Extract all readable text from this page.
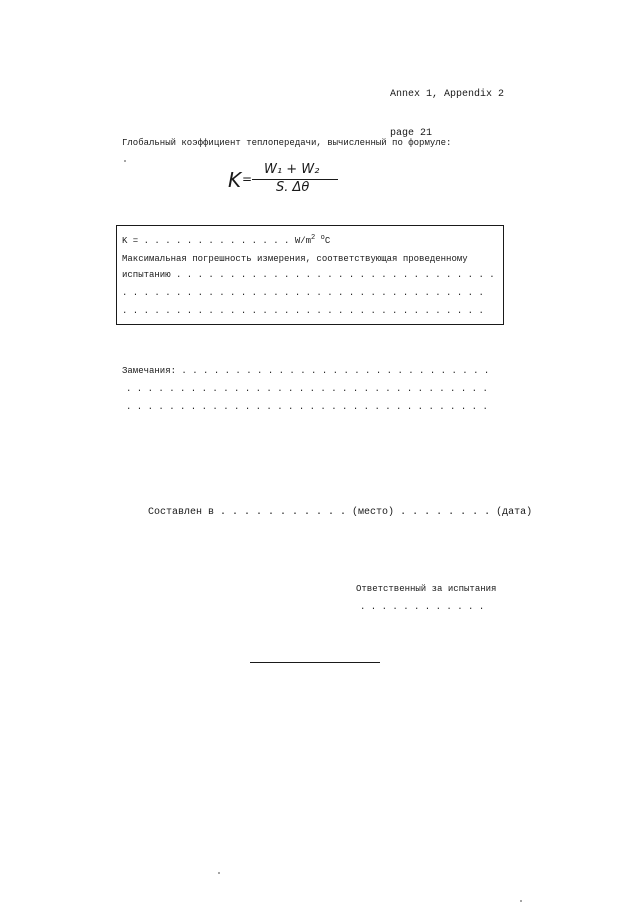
Annex 1, Appendix 2

page 21

Глобальный коэффициент теплопередачи, вычисленный по формуле:
K =
W₁ + W₂
S. Δθ
K = . . . . . . . . . . . . . . $W/m^2$ $^o$C
Максимальная погрешность измерения, соответствующая проведенному
испытанию . . . . . . . . . . . . . . . . . . . . . . . . . . . . . .
. . . . . . . . . . . . . . . . . . . . . . . . . . . . . . . . . .
. . . . . . . . . . . . . . . . . . . . . . . . . . . . . . . . . .
Замечания: . . . . . . . . . . . . . . . . . . . . . . . . . . . . .
. . . . . . . . . . . . . . . . . . . . . . . . . . . . . . . . . .
. . . . . . . . . . . . . . . . . . . . . . . . . . . . . . . . . .
Составлен в . . . . . . . . . . . (место) . . . . . . . . (дата)
Ответственный за испытания
. . . . . . . . . . . .
